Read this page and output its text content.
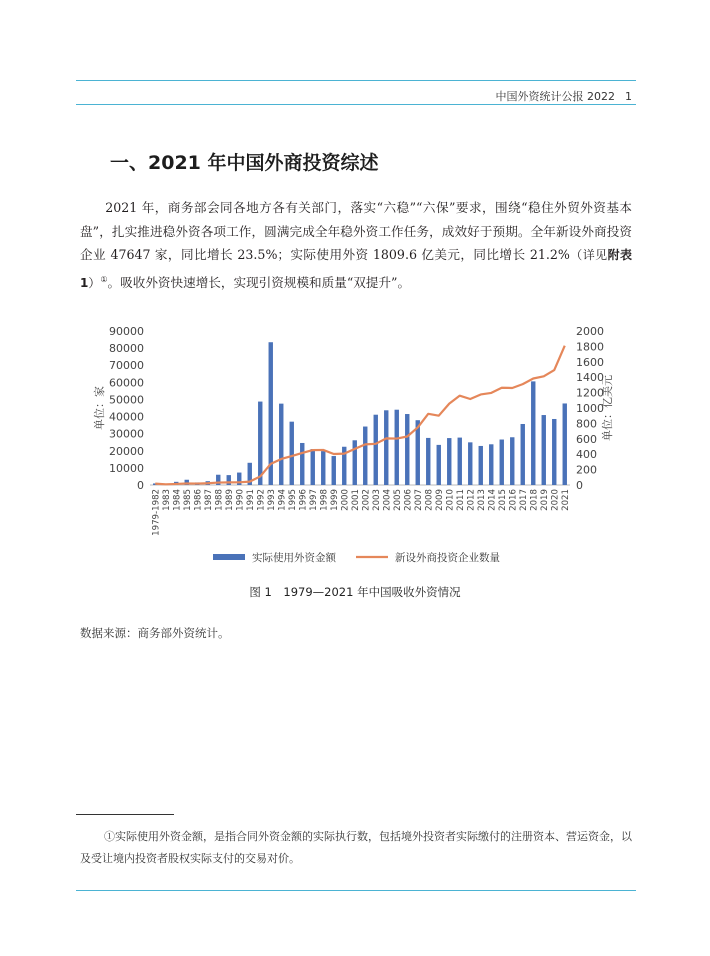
中国外资统计公报 2022 1
一、2021 年中国外商投资综述

  2021 年，商务部会同各地方各有关部门，落实“六稳”“六保”要求，围绕“稳住外贸外资基本盘”，扎实推进稳外资各项工作，圆满完成全年稳外资工作任务，成效好于预期。全年新设外商投资企业 47647 家，同比增长 23.5%；实际使用外资 1809.6 亿美元，同比增长 21.2%（详见附表 1）①。吸收外资快速增长，实现引资规模和质量“双提升”。

0
10000
20000
30000
40000
50000
60000
70000
80000
90000
0
200
400
600
800
1000
1200
1400
1600
1800
2000
单位：家	单位：亿美元
1979-1982 1983 1984 1985 1986 1987 1988 1989 1990 1991 1992 1993 1994 1995 1996 1997 1998 1999 2000 2001 2002 2003 2004 2005 2006 2007 2008 2009 2010 2011 2012 2013 2014 2015 2016 2017 2018 2019 2020 2021
实际使用外资金额	新设外商投资企业数量
图 1　1979—2021 年中国吸收外资情况

数据来源：商务部外资统计。

①实际使用外资金额，是指合同外资金额的实际执行数，包括境外投资者实际缴付的注册资本、营运资金，以及受让境内投资者股权实际支付的交易对价。
